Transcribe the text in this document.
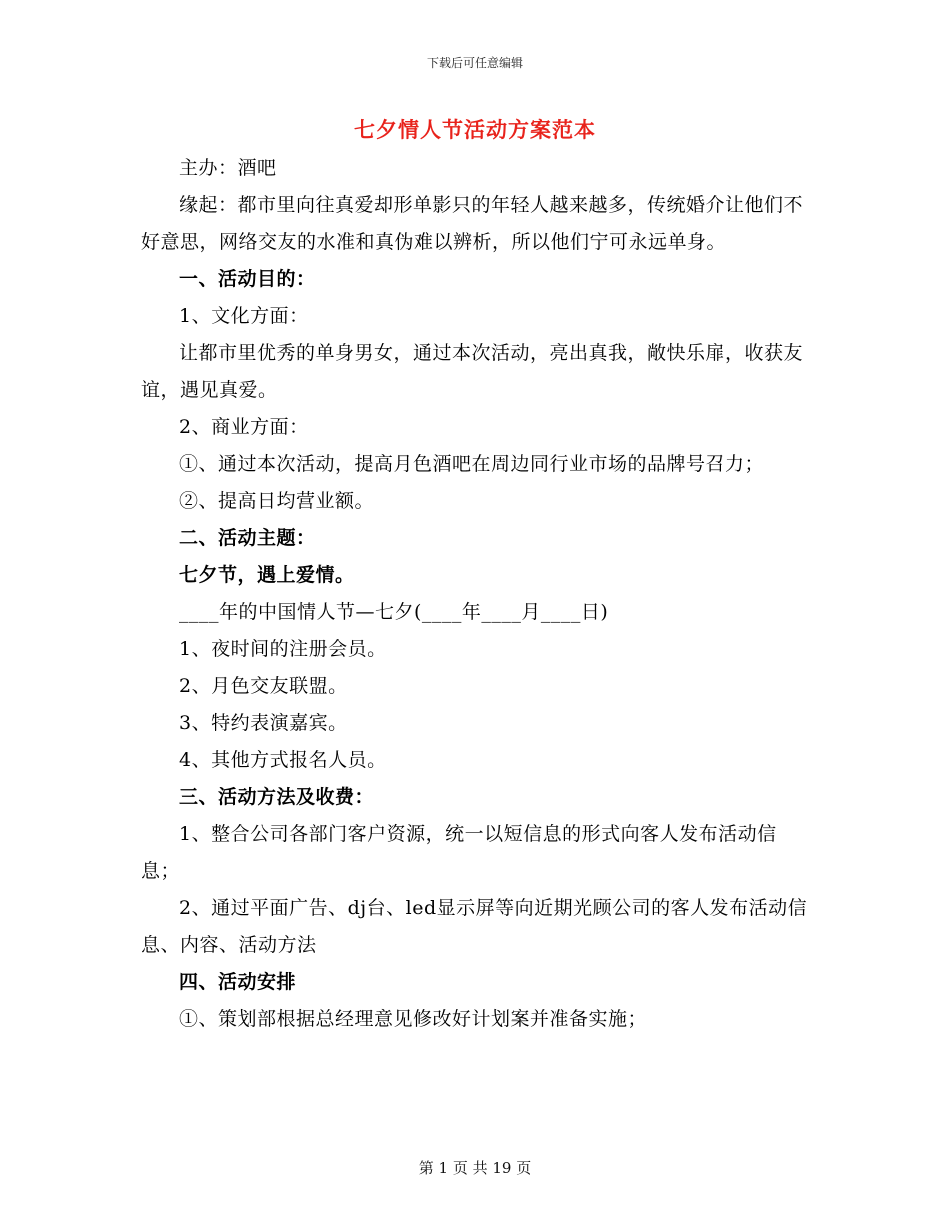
下载后可任意编辑
七夕情人节活动方案范本

主办：酒吧

缘起：都市里向往真爱却形单影只的年轻人越来越多，传统婚介让他们不好意思，网络交友的水准和真伪难以辨析，所以他们宁可永远单身。

一、活动目的：

1、文化方面：

让都市里优秀的单身男女，通过本次活动，亮出真我，敞快乐扉，收获友谊，遇见真爱。

2、商业方面：

①、通过本次活动，提高月色酒吧在周边同行业市场的品牌号召力；

②、提高日均营业额。

二、活动主题：

七夕节，遇上爱情。

____年的中国情人节—七夕(____年____月____日)

1、夜时间的注册会员。

2、月色交友联盟。

3、特约表演嘉宾。

4、其他方式报名人员。

三、活动方法及收费：

1、整合公司各部门客户资源，统一以短信息的形式向客人发布活动信息；

2、通过平面广告、dj台、led显示屏等向近期光顾公司的客人发布活动信息、内容、活动方法

四、活动安排

①、策划部根据总经理意见修改好计划案并准备实施；

第 1 页 共 19 页
